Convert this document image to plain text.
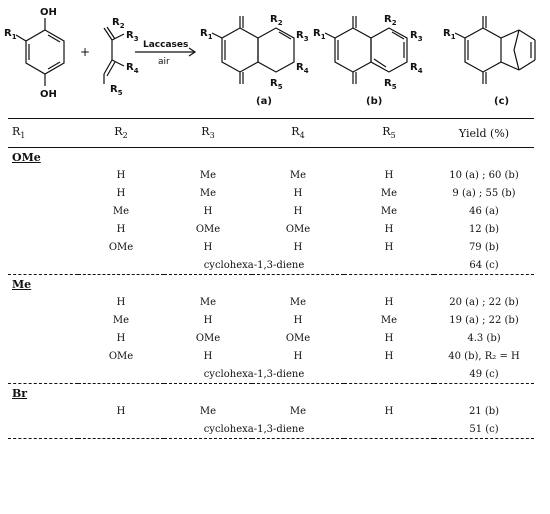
OH
OH
$R_1$
+
$R_2$
$R_3$
$R_4$
$R_5$
Laccases
air
$R_1$
$R_2$
$R_3$
$R_4$
$R_5$
(a)
$R_1$
$R_2$
$R_3$
$R_4$
$R_5$
(b)
$R_1$
(c)

$R_1$	$R_2$	$R_3$	$R_4$	$R_5$	Yield (%)

OMe					
	H	Me	Me	H	10 (a) ; 60 (b)
	H	Me	H	Me	9 (a) ; 55 (b)
	Me	H	H	Me	46 (a)
	H	OMe	OMe	H	12 (b)
	OMe	H	H	H	79 (b)
		cyclohexa-1,3-diene			64 (c)

Me					
	H	Me	Me	H	20 (a) ; 22 (b)
	Me	H	H	Me	19 (a) ; 22 (b)
	H	OMe	OMe	H	4.3 (b)
	OMe	H	H	H	40 (b), R₂ = H
		cyclohexa-1,3-diene			49 (c)

Br					
	H	Me	Me	H	21 (b)
		cyclohexa-1,3-diene			51 (c)
